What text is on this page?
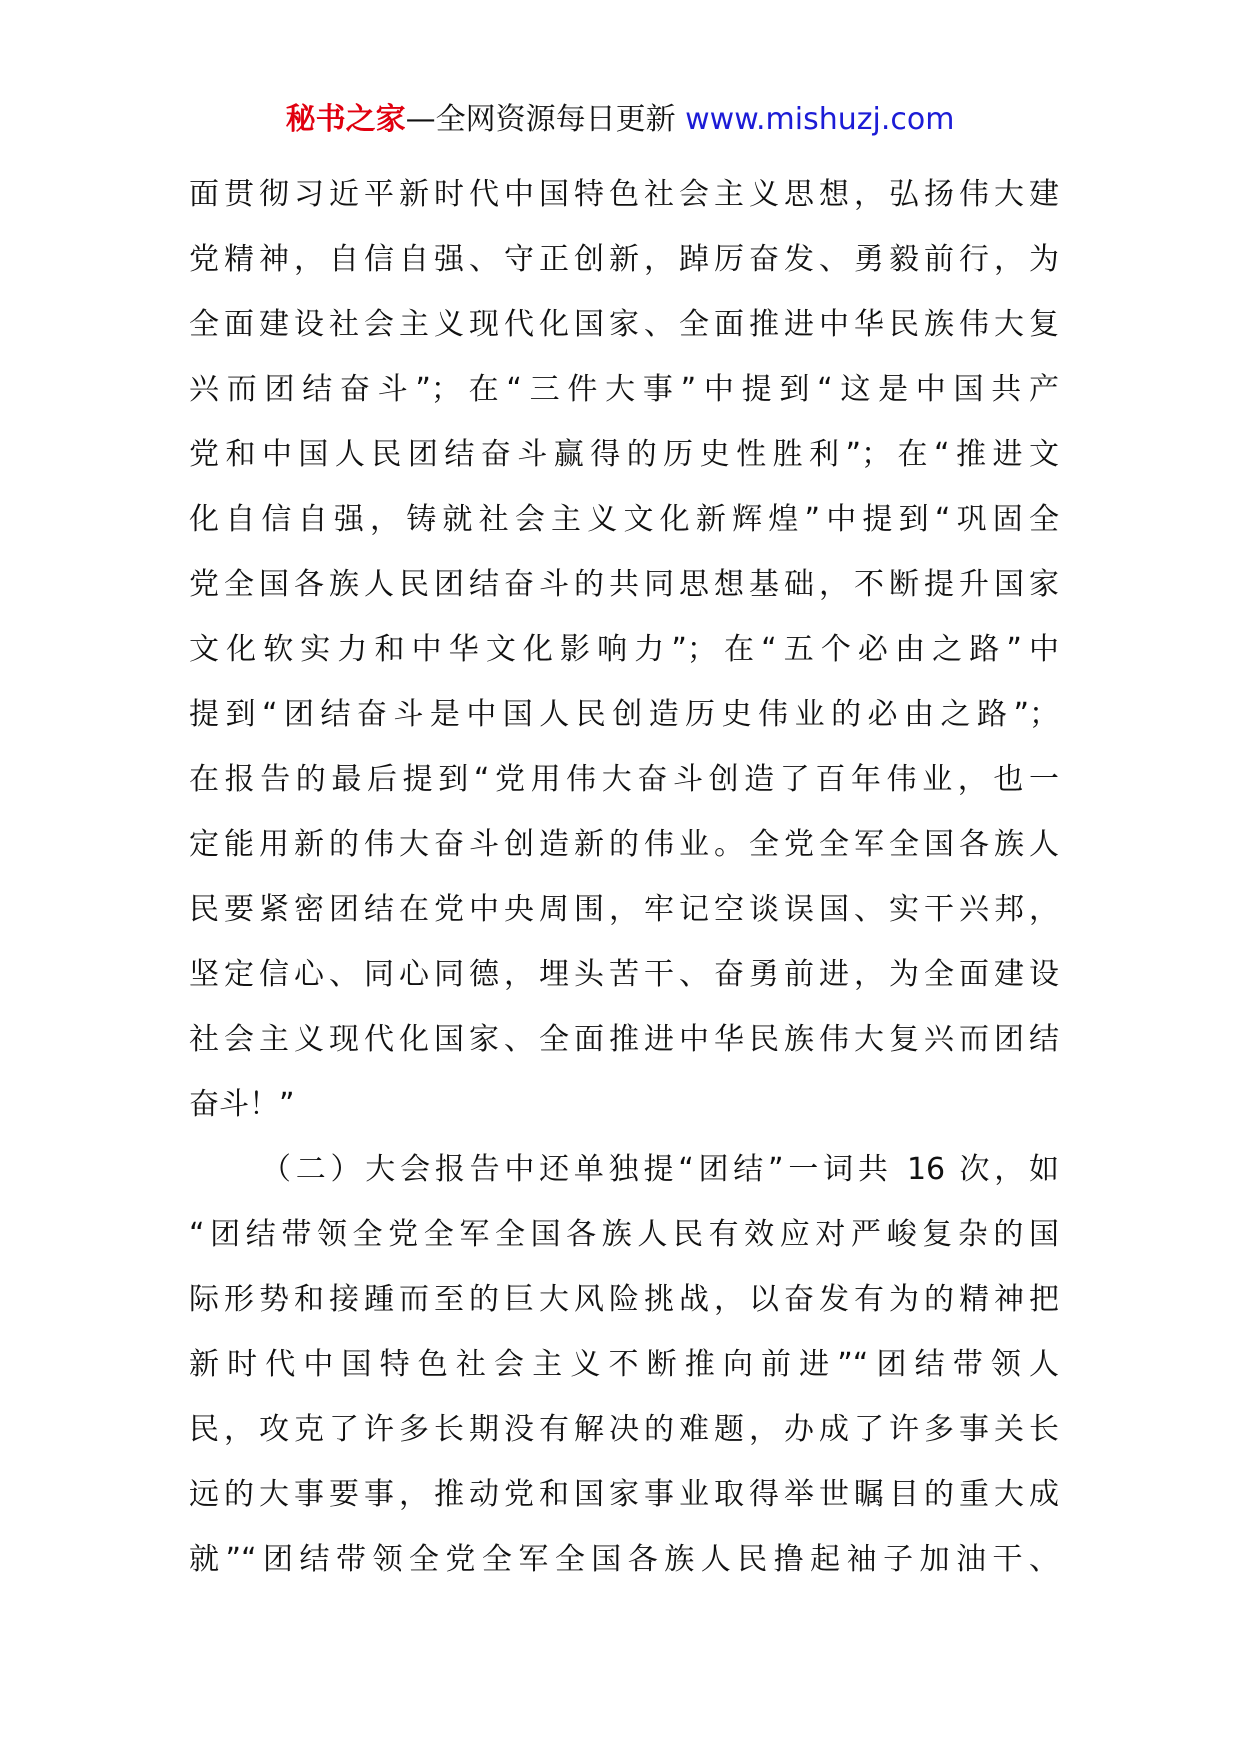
秘书之家—全网资源每日更新 www.mishuzj.com
面贯彻习近平新时代中国特色社会主义思想，弘扬伟大建
党精神，自信自强、守正创新，踔厉奋发、勇毅前行，为
全面建设社会主义现代化国家、全面推进中华民族伟大复
兴而团结奋斗”；在“三件大事”中提到“这是中国共产
党和中国人民团结奋斗赢得的历史性胜利”；在“推进文
化自信自强，铸就社会主义文化新辉煌”中提到“巩固全
党全国各族人民团结奋斗的共同思想基础，不断提升国家
文化软实力和中华文化影响力”；在“五个必由之路”中
提到“团结奋斗是中国人民创造历史伟业的必由之路”；
在报告的最后提到“党用伟大奋斗创造了百年伟业，也一
定能用新的伟大奋斗创造新的伟业。全党全军全国各族人
民要紧密团结在党中央周围，牢记空谈误国、实干兴邦，
坚定信心、同心同德，埋头苦干、奋勇前进，为全面建设
社会主义现代化国家、全面推进中华民族伟大复兴而团结
奋斗！”
（二）大会报告中还单独提“团结”一词共 16 次，如
“团结带领全党全军全国各族人民有效应对严峻复杂的国
际形势和接踵而至的巨大风险挑战，以奋发有为的精神把
新时代中国特色社会主义不断推向前进”“团结带领人
民，攻克了许多长期没有解决的难题，办成了许多事关长
远的大事要事，推动党和国家事业取得举世瞩目的重大成
就”“团结带领全党全军全国各族人民撸起袖子加油干、
